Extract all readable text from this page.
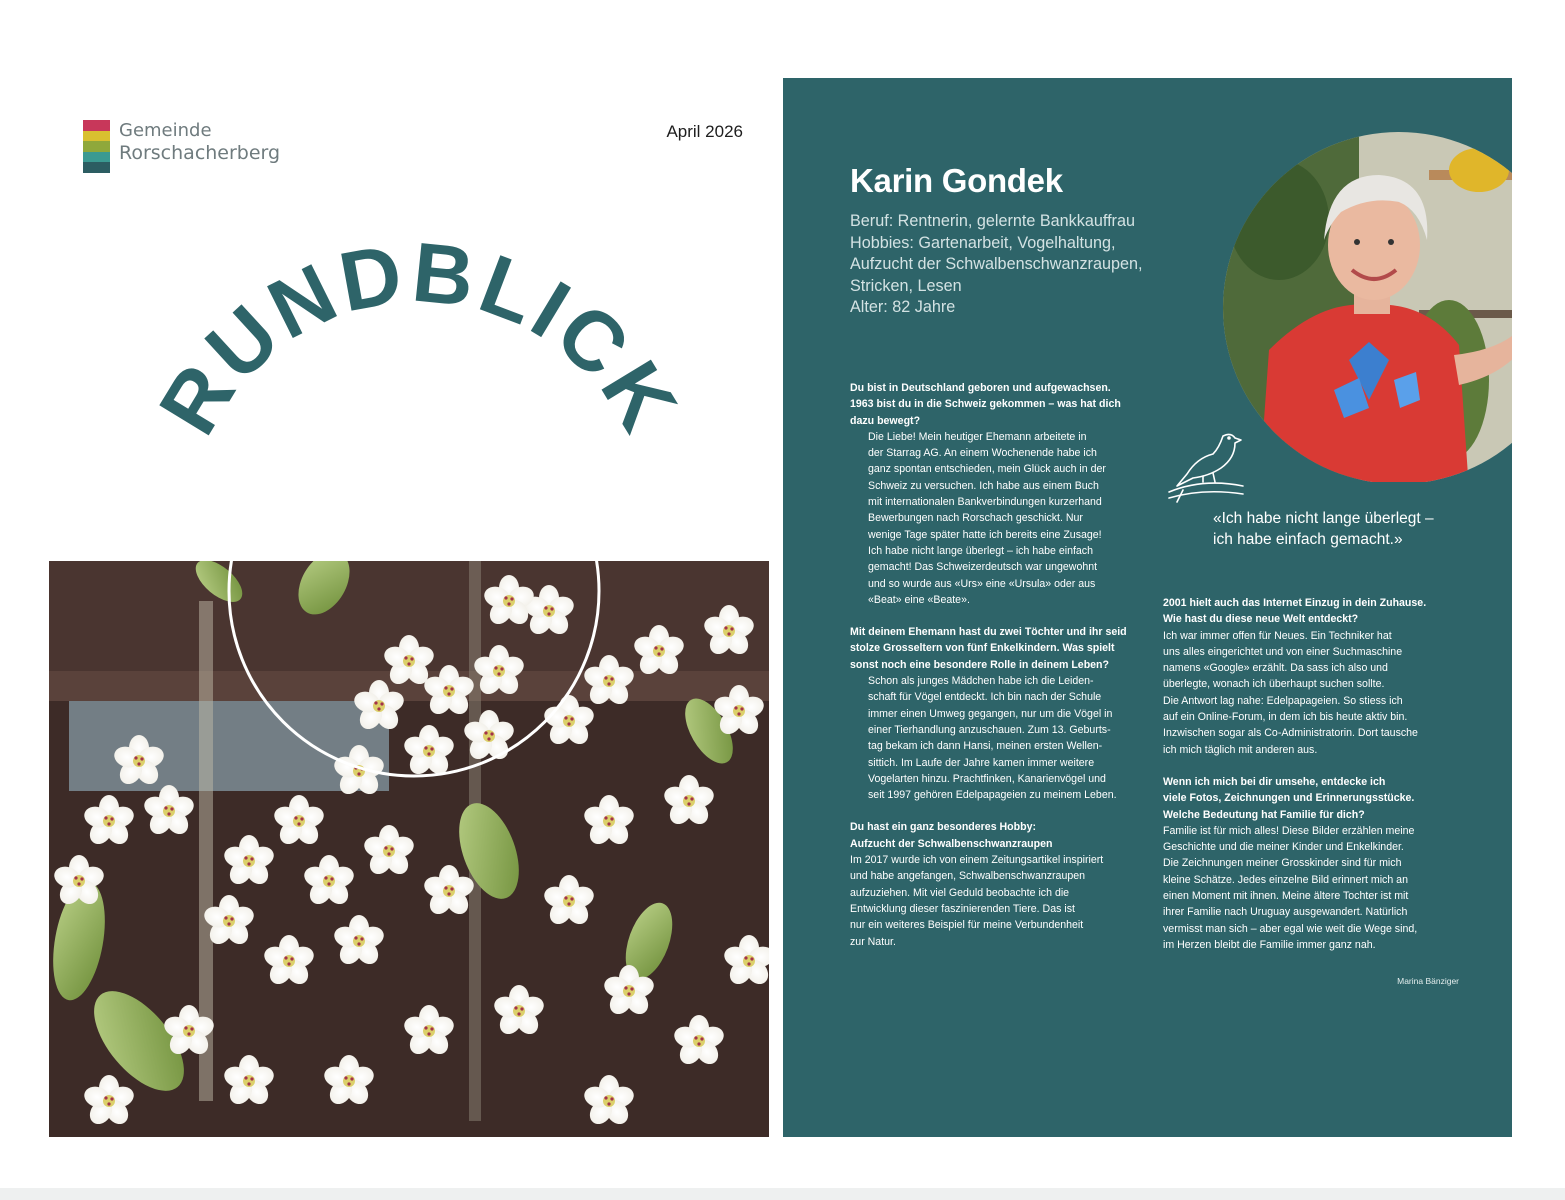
Gemeinde
Rorschacherberg
April 2026
RUNDBLICK
Karin Gondek
Beruf: Rentnerin, gelernte Bankkauffrau
Hobbies: Gartenarbeit, Vogelhaltung,
Aufzucht der Schwalbenschwanzraupen,
Stricken, Lesen
Alter: 82 Jahre
«Ich habe nicht lange überlegt –
ich habe einfach gemacht.»
Du bist in Deutschland geboren und aufgewachsen.
1963 bist du in die Schweiz gekommen – was hat dich
dazu bewegt?
Die Liebe! Mein heutiger Ehemann arbeitete in
der Starrag AG. An einem Wochenende habe ich
ganz spontan entschieden, mein Glück auch in der
Schweiz zu versuchen. Ich habe aus einem Buch
mit internationalen Bankverbindungen kurzerhand
Bewerbungen nach Rorschach geschickt. Nur
wenige Tage später hatte ich bereits eine Zusage!
Ich habe nicht lange überlegt – ich habe einfach
gemacht! Das Schweizerdeutsch war ungewohnt
und so wurde aus «Urs» eine «Ursula» oder aus
«Beat» eine «Beate».
Mit deinem Ehemann hast du zwei Töchter und ihr seid
stolze Grosseltern von fünf Enkelkindern. Was spielt
sonst noch eine besondere Rolle in deinem Leben?
Schon als junges Mädchen habe ich die Leiden-
schaft für Vögel entdeckt. Ich bin nach der Schule
immer einen Umweg gegangen, nur um die Vögel in
einer Tierhandlung anzuschauen. Zum 13. Geburts-
tag bekam ich dann Hansi, meinen ersten Wellen-
sittich. Im Laufe der Jahre kamen immer weitere
Vogelarten hinzu. Prachtfinken, Kanarienvögel und
seit 1997 gehören Edelpapageien zu meinem Leben.
Du hast ein ganz besonderes Hobby:
Aufzucht der Schwalbenschwanzraupen
Im 2017 wurde ich von einem Zeitungsartikel inspiriert
und habe angefangen, Schwalbenschwanzraupen
aufzuziehen. Mit viel Geduld beobachte ich die
Entwicklung dieser faszinierenden Tiere. Das ist
nur ein weiteres Beispiel für meine Verbundenheit
zur Natur.
2001 hielt auch das Internet Einzug in dein Zuhause.
Wie hast du diese neue Welt entdeckt?
Ich war immer offen für Neues. Ein Techniker hat
uns alles eingerichtet und von einer Suchmaschine
namens «Google» erzählt. Da sass ich also und
überlegte, wonach ich überhaupt suchen sollte.
Die Antwort lag nahe: Edelpapageien. So stiess ich
auf ein Online-Forum, in dem ich bis heute aktiv bin.
Inzwischen sogar als Co-Administratorin. Dort tausche
ich mich täglich mit anderen aus.
Wenn ich mich bei dir umsehe, entdecke ich
viele Fotos, Zeichnungen und Erinnerungsstücke.
Welche Bedeutung hat Familie für dich?
Familie ist für mich alles! Diese Bilder erzählen meine
Geschichte und die meiner Kinder und Enkelkinder.
Die Zeichnungen meiner Grosskinder sind für mich
kleine Schätze. Jedes einzelne Bild erinnert mich an
einen Moment mit ihnen. Meine ältere Tochter ist mit
ihrer Familie nach Uruguay ausgewandert. Natürlich
vermisst man sich – aber egal wie weit die Wege sind,
im Herzen bleibt die Familie immer ganz nah.
Marina Bänziger
